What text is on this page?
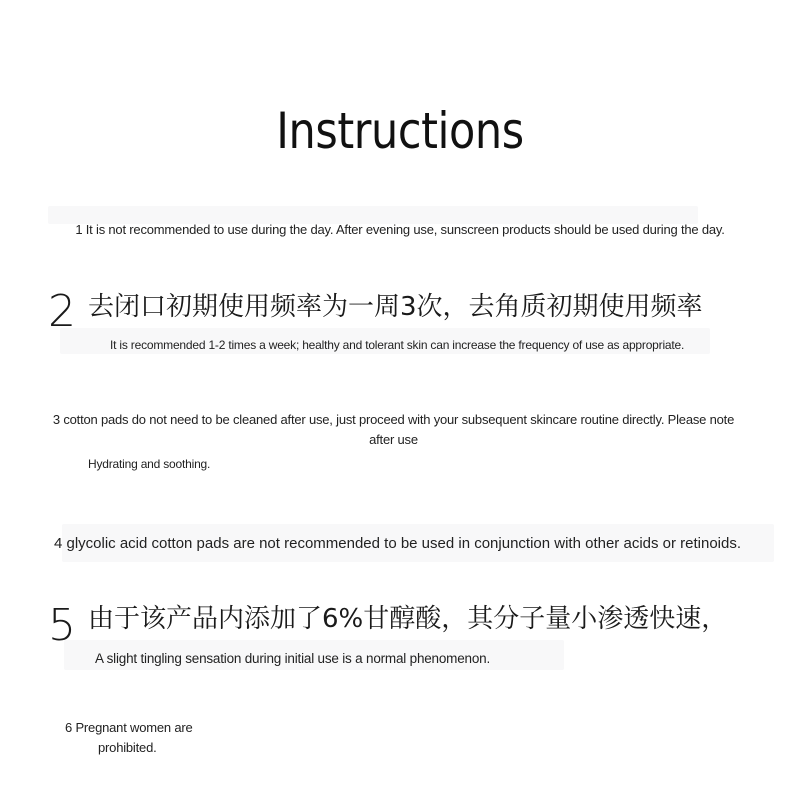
Instructions
1 It is not recommended to use during the day. After evening use, sunscreen products should be used during the day.
2 去闭口初期使用频率为一周3次，去角质初期使用频率
It is recommended 1-2 times a week; healthy and tolerant skin can increase the frequency of use as appropriate.
3 cotton pads do not need to be cleaned after use, just proceed with your subsequent skincare routine directly. Please note
after use
Hydrating and soothing.
4 glycolic acid cotton pads are not recommended to be used in conjunction with other acids or retinoids.
5 由于该产品内添加了6%甘醇酸，其分子量小渗透快速，
A slight tingling sensation during initial use is a normal phenomenon.
6 Pregnant women are
prohibited.
